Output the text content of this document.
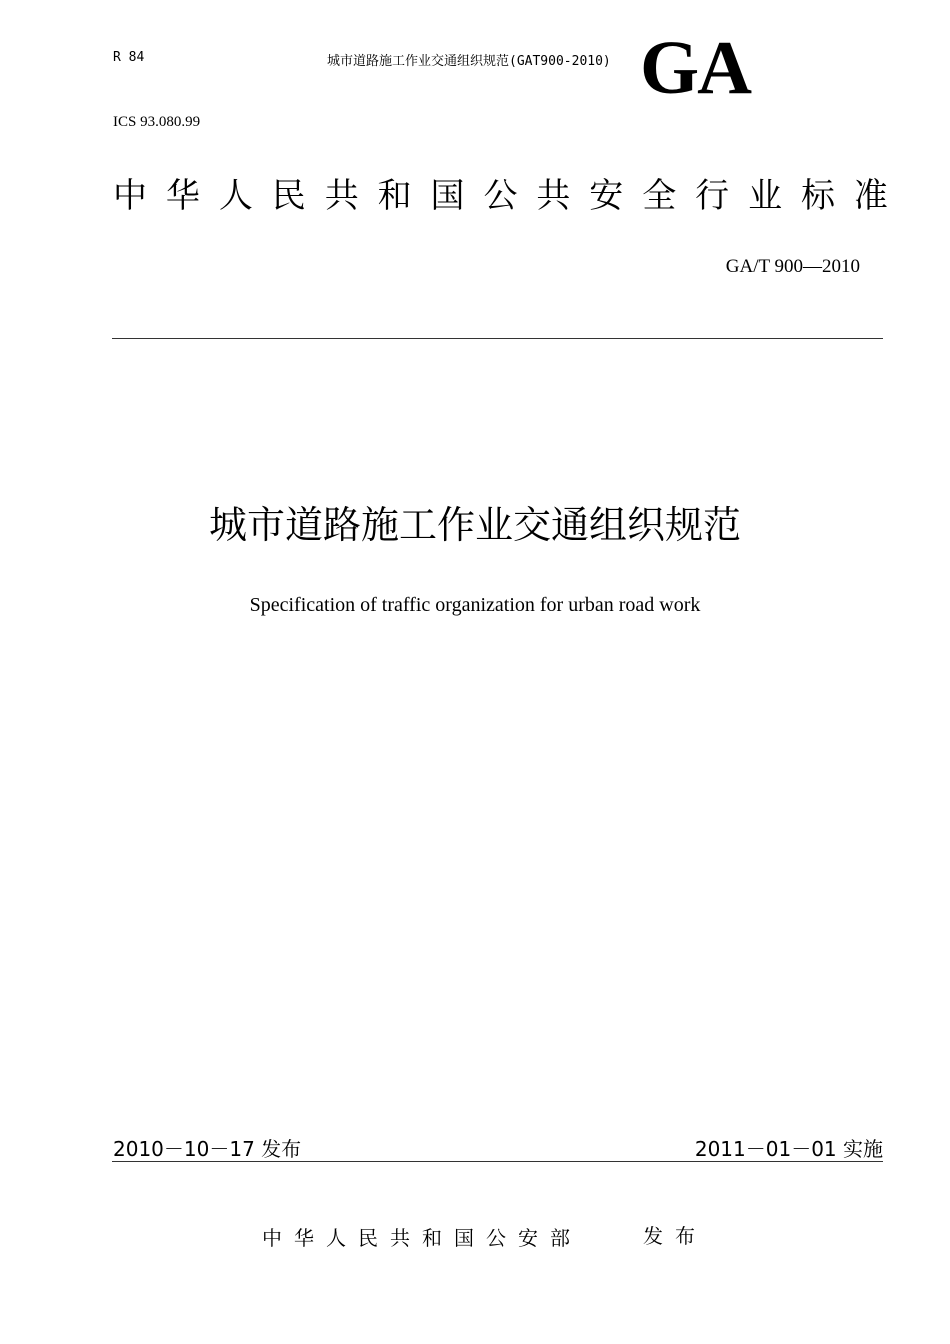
R 84	城市道路施工作业交通组织规范(GAT900-2010) GA
ICS 93.080.99
中 华 人 民 共 和 国 公 共 安 全 行 业 标 准
GA/T 900—2010
城市道路施工作业交通组织规范
Specification of traffic organization for urban road work
2010－10－17 发布	2011－01－01 实施
中华人民共和国公安部	发布
